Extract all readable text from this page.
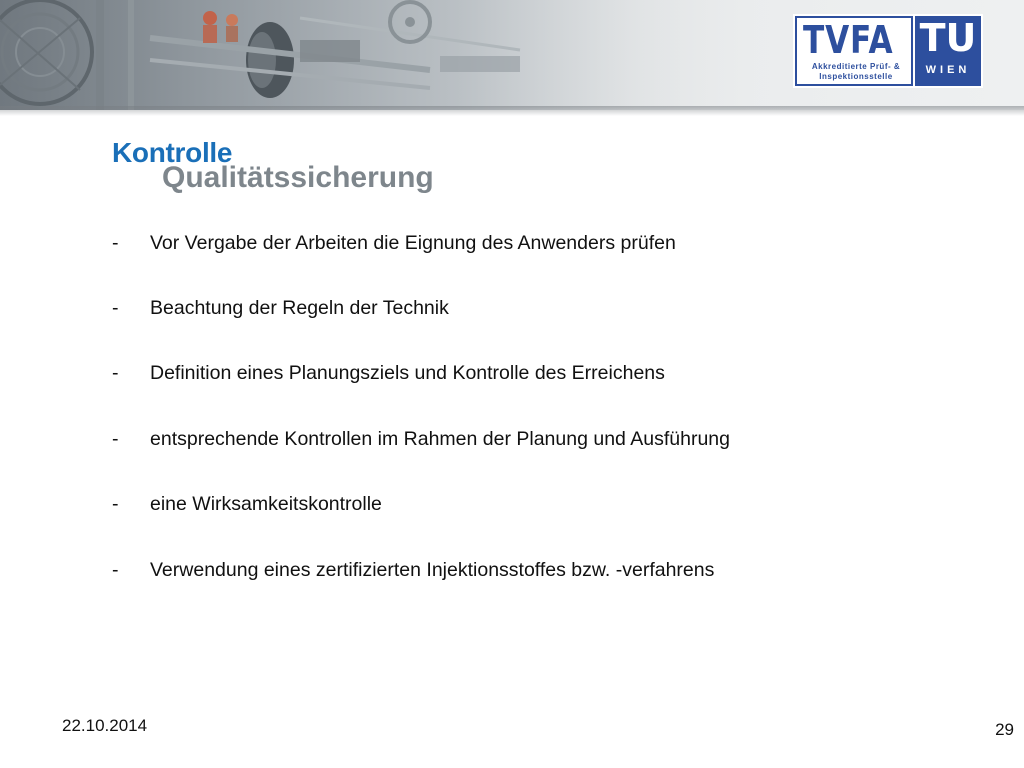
TVFA
Akkreditierte Prüf- & Inspektionsstelle
TU
WIEN
Qualitätssicherung
Kontrolle
- Vor Vergabe der Arbeiten die Eignung des Anwenders prüfen
- Beachtung der Regeln der Technik
- Definition eines Planungsziels und Kontrolle des Erreichens
- entsprechende Kontrollen im Rahmen der Planung und Ausführung
- eine Wirksamkeitskontrolle
- Verwendung eines zertifizierten Injektionsstoffes bzw. -verfahrens
22.10.2014	29
